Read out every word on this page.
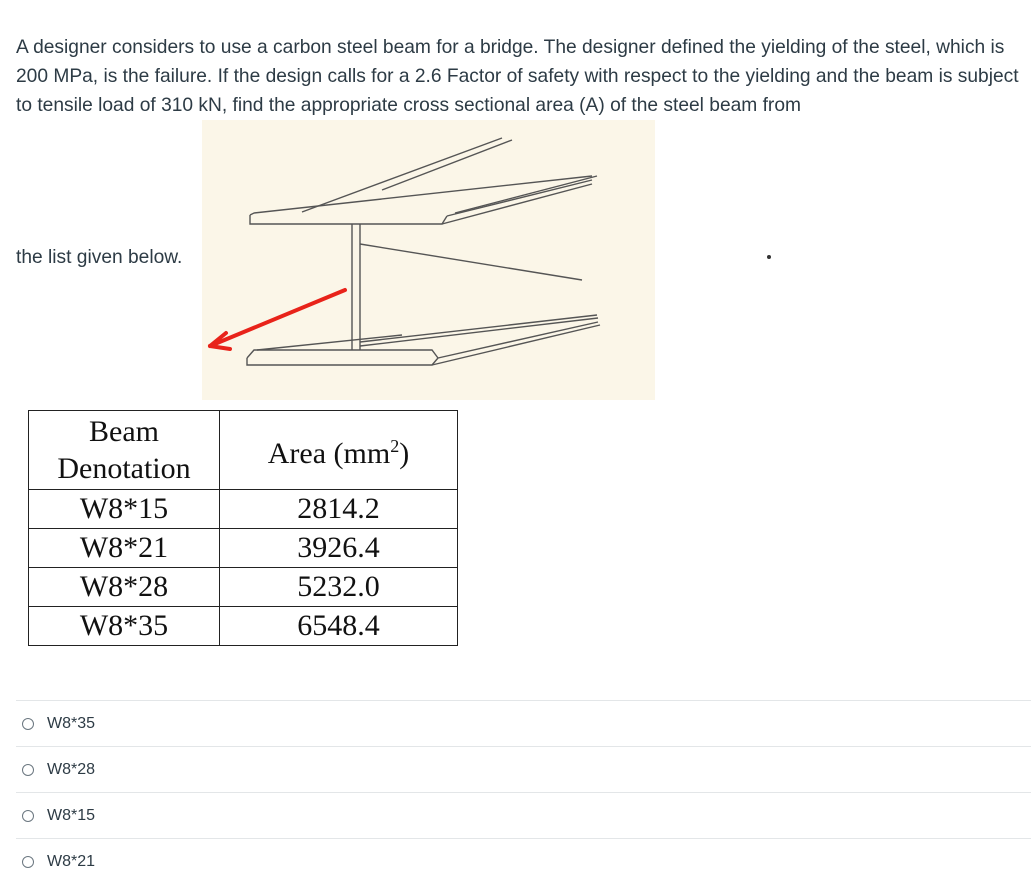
A designer considers to use a carbon steel beam for a bridge. The designer defined the yielding of the steel, which is 200 MPa, is the failure. If the design calls for a 2.6 Factor of safety with respect to the yielding and the beam is subject to tensile load of 310 kN, find the appropriate cross sectional area (A) of the steel beam from

the list given below.
Beam
Denotation	Area $(mm^2)$
W8*15	2814.2
W8*21	3926.4
W8*28	5232.0
W8*35	6548.4
W8*35
W8*28
W8*15
W8*21
